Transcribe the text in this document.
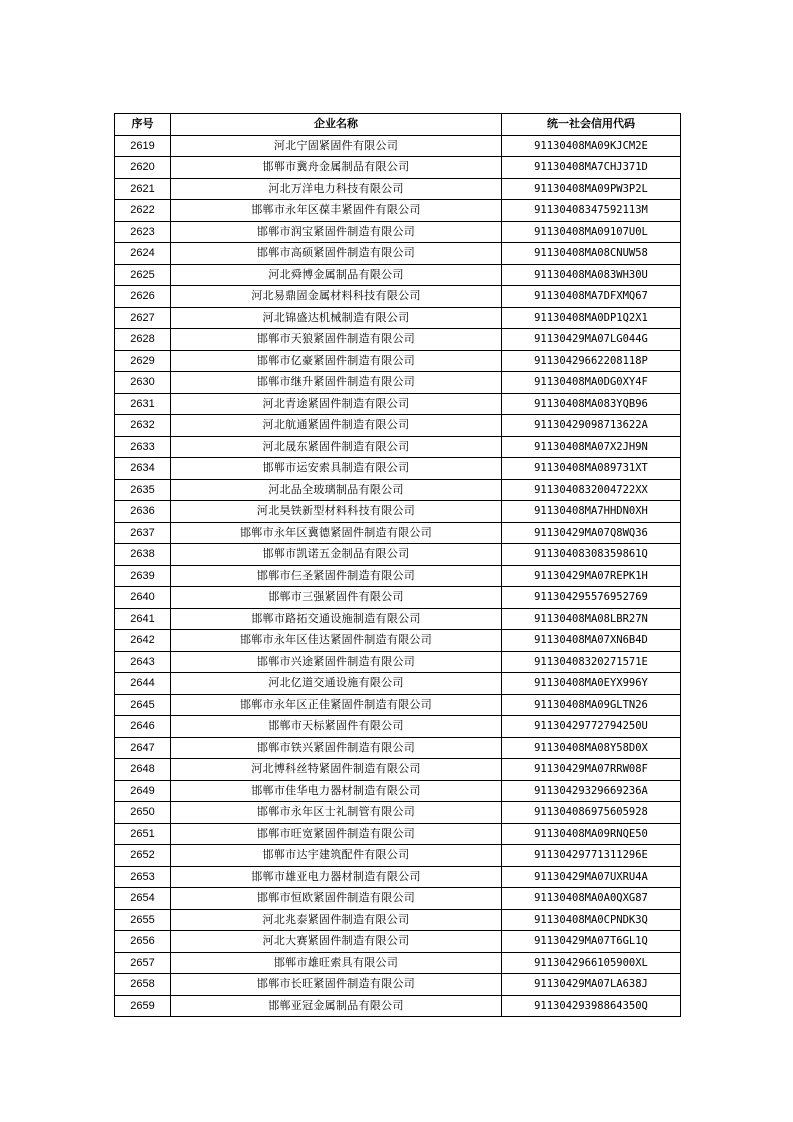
序号	企业名称	统一社会信用代码
2619	河北宁固紧固件有限公司	91130408MA09KJCM2E
2620	邯郸市冀舟金属制品有限公司	91130408MA7CHJ371D
2621	河北万洋电力科技有限公司	91130408MA09PW3P2L
2622	邯郸市永年区葆丰紧固件有限公司	91130408347592113M
2623	邯郸市润宝紧固件制造有限公司	91130408MA09107U0L
2624	邯郸市高硕紧固件制造有限公司	91130408MA08CNUW58
2625	河北舜博金属制品有限公司	91130408MA083WH30U
2626	河北易鼎固金属材料科技有限公司	91130408MA7DFXMQ67
2627	河北锦盛达机械制造有限公司	91130408MA0DP1Q2X1
2628	邯郸市天狼紧固件制造有限公司	91130429MA07LG044G
2629	邯郸市亿豪紧固件制造有限公司	91130429662208118P
2630	邯郸市继升紧固件制造有限公司	91130408MA0DG0XY4F
2631	河北青途紧固件制造有限公司	91130408MA083YQB96
2632	河北航通紧固件制造有限公司	91130429098713622A
2633	河北晟东紧固件制造有限公司	91130408MA07X2JH9N
2634	邯郸市运安索具制造有限公司	91130408MA089731XT
2635	河北品全玻璃制品有限公司	9113040832004722XX
2636	河北昊铁新型材料科技有限公司	91130408MA7HHDN0XH
2637	邯郸市永年区冀德紧固件制造有限公司	91130429MA07Q8WQ36
2638	邯郸市凯诺五金制品有限公司	91130408308359861Q
2639	邯郸市仨圣紧固件制造有限公司	91130429MA07REPK1H
2640	邯郸市三强紧固件有限公司	911304295576952769
2641	邯郸市路拓交通设施制造有限公司	91130408MA08LBR27N
2642	邯郸市永年区佳达紧固件制造有限公司	91130408MA07XN6B4D
2643	邯郸市兴途紧固件制造有限公司	91130408320271571E
2644	河北亿道交通设施有限公司	91130408MA0EYX996Y
2645	邯郸市永年区正佳紧固件制造有限公司	91130408MA09GLTN26
2646	邯郸市天标紧固件有限公司	91130429772794250U
2647	邯郸市铁兴紧固件制造有限公司	91130408MA08Y58D0X
2648	河北博科丝特紧固件制造有限公司	91130429MA07RRW08F
2649	邯郸市佳华电力器材制造有限公司	91130429329669236A
2650	邯郸市永年区士礼制管有限公司	911304086975605928
2651	邯郸市旺宽紧固件制造有限公司	91130408MA09RNQE50
2652	邯郸市达宇建筑配件有限公司	91130429771311296E
2653	邯郸市雄亚电力器材制造有限公司	91130429MA07UXRU4A
2654	邯郸市恒欧紧固件制造有限公司	91130408MA0A0QXG87
2655	河北兆泰紧固件制造有限公司	91130408MA0CPNDK3Q
2656	河北大赛紧固件制造有限公司	91130429MA07T6GL1Q
2657	邯郸市雄旺索具有限公司	9113042966105900XL
2658	邯郸市长旺紧固件制造有限公司	91130429MA07LA638J
2659	邯郸亚冠金属制品有限公司	91130429398864350Q
